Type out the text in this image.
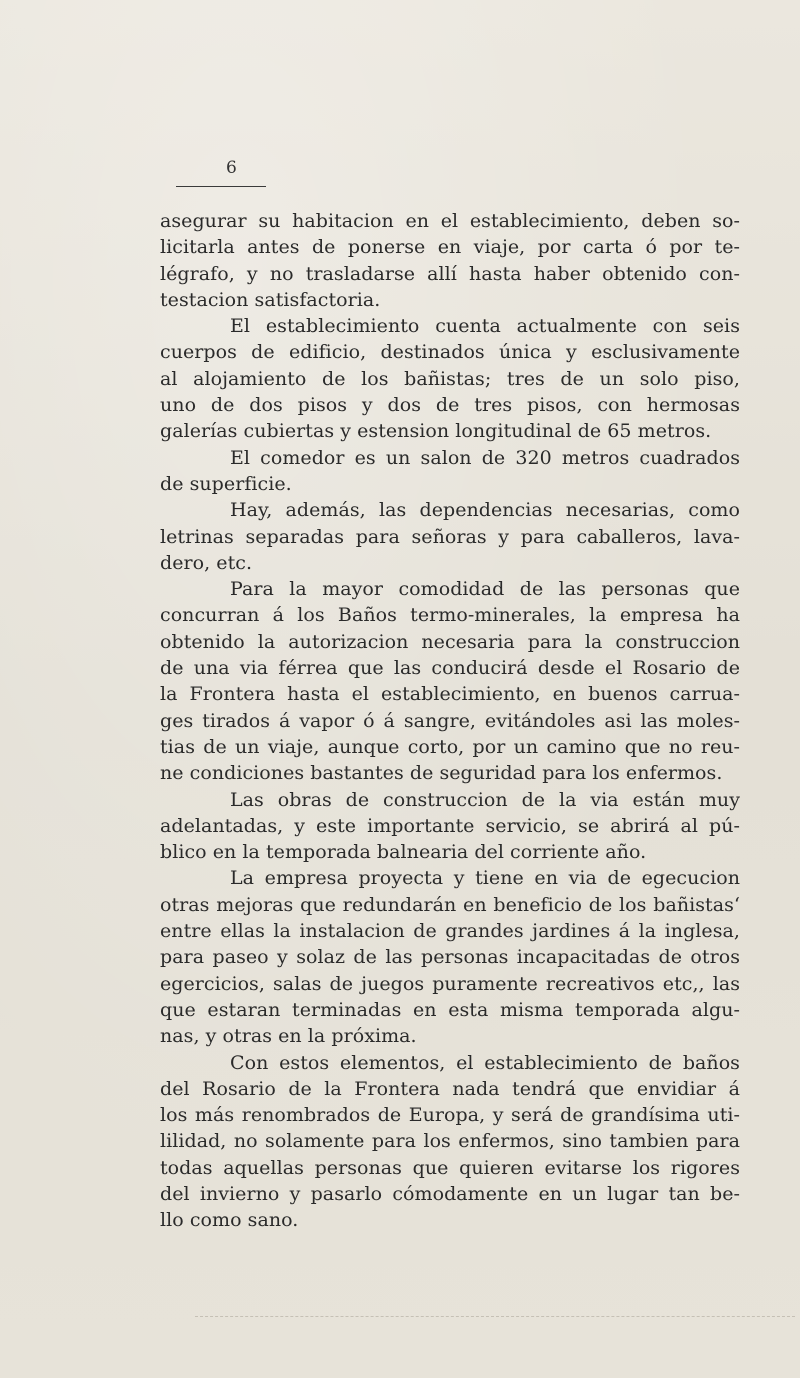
6
asegurar su habitacion en el establecimiento, deben so-
licitarla antes de ponerse en viaje, por carta ó por te-
légrafo, y no trasladarse allí hasta haber obtenido con-
testacion satisfactoria.
El establecimiento cuenta actualmente con seis
cuerpos de edificio, destinados única y esclusivamente
al alojamiento de los bañistas; tres de un solo piso,
uno de dos pisos y dos de tres pisos, con hermosas
galerías cubiertas y estension longitudinal de 65 metros.
El comedor es un salon de 320 metros cuadrados
de superficie.
Hay, además, las dependencias necesarias, como
letrinas separadas para señoras y para caballeros, lava-
dero, etc.
Para la mayor comodidad de las personas que
concurran á los Baños termo-minerales, la empresa ha
obtenido la autorizacion necesaria para la construccion
de una via férrea que las conducirá desde el Rosario de
la Frontera hasta el establecimiento, en buenos carrua-
ges tirados á vapor ó á sangre, evitándoles asi las moles-
tias de un viaje, aunque corto, por un camino que no reu-
ne condiciones bastantes de seguridad para los enfermos.
Las obras de construccion de la via están muy
adelantadas, y este importante servicio, se abrirá al pú-
blico en la temporada balnearia del corriente año.
La empresa proyecta y tiene en via de egecucion
otras mejoras que redundarán en beneficio de los bañistas‘
entre ellas la instalacion de grandes jardines á la inglesa,
para paseo y solaz de las personas incapacitadas de otros
egercicios, salas de juegos puramente recreativos etc,, las
que estaran terminadas en esta misma temporada algu-
nas, y otras en la próxima.
Con estos elementos, el establecimiento de baños
del Rosario de la Frontera nada tendrá que envidiar á
los más renombrados de Europa, y será de grandísima uti-
lilidad, no solamente para los enfermos, sino tambien para
todas aquellas personas que quieren evitarse los rigores
del invierno y pasarlo cómodamente en un lugar tan be-
llo como sano.
